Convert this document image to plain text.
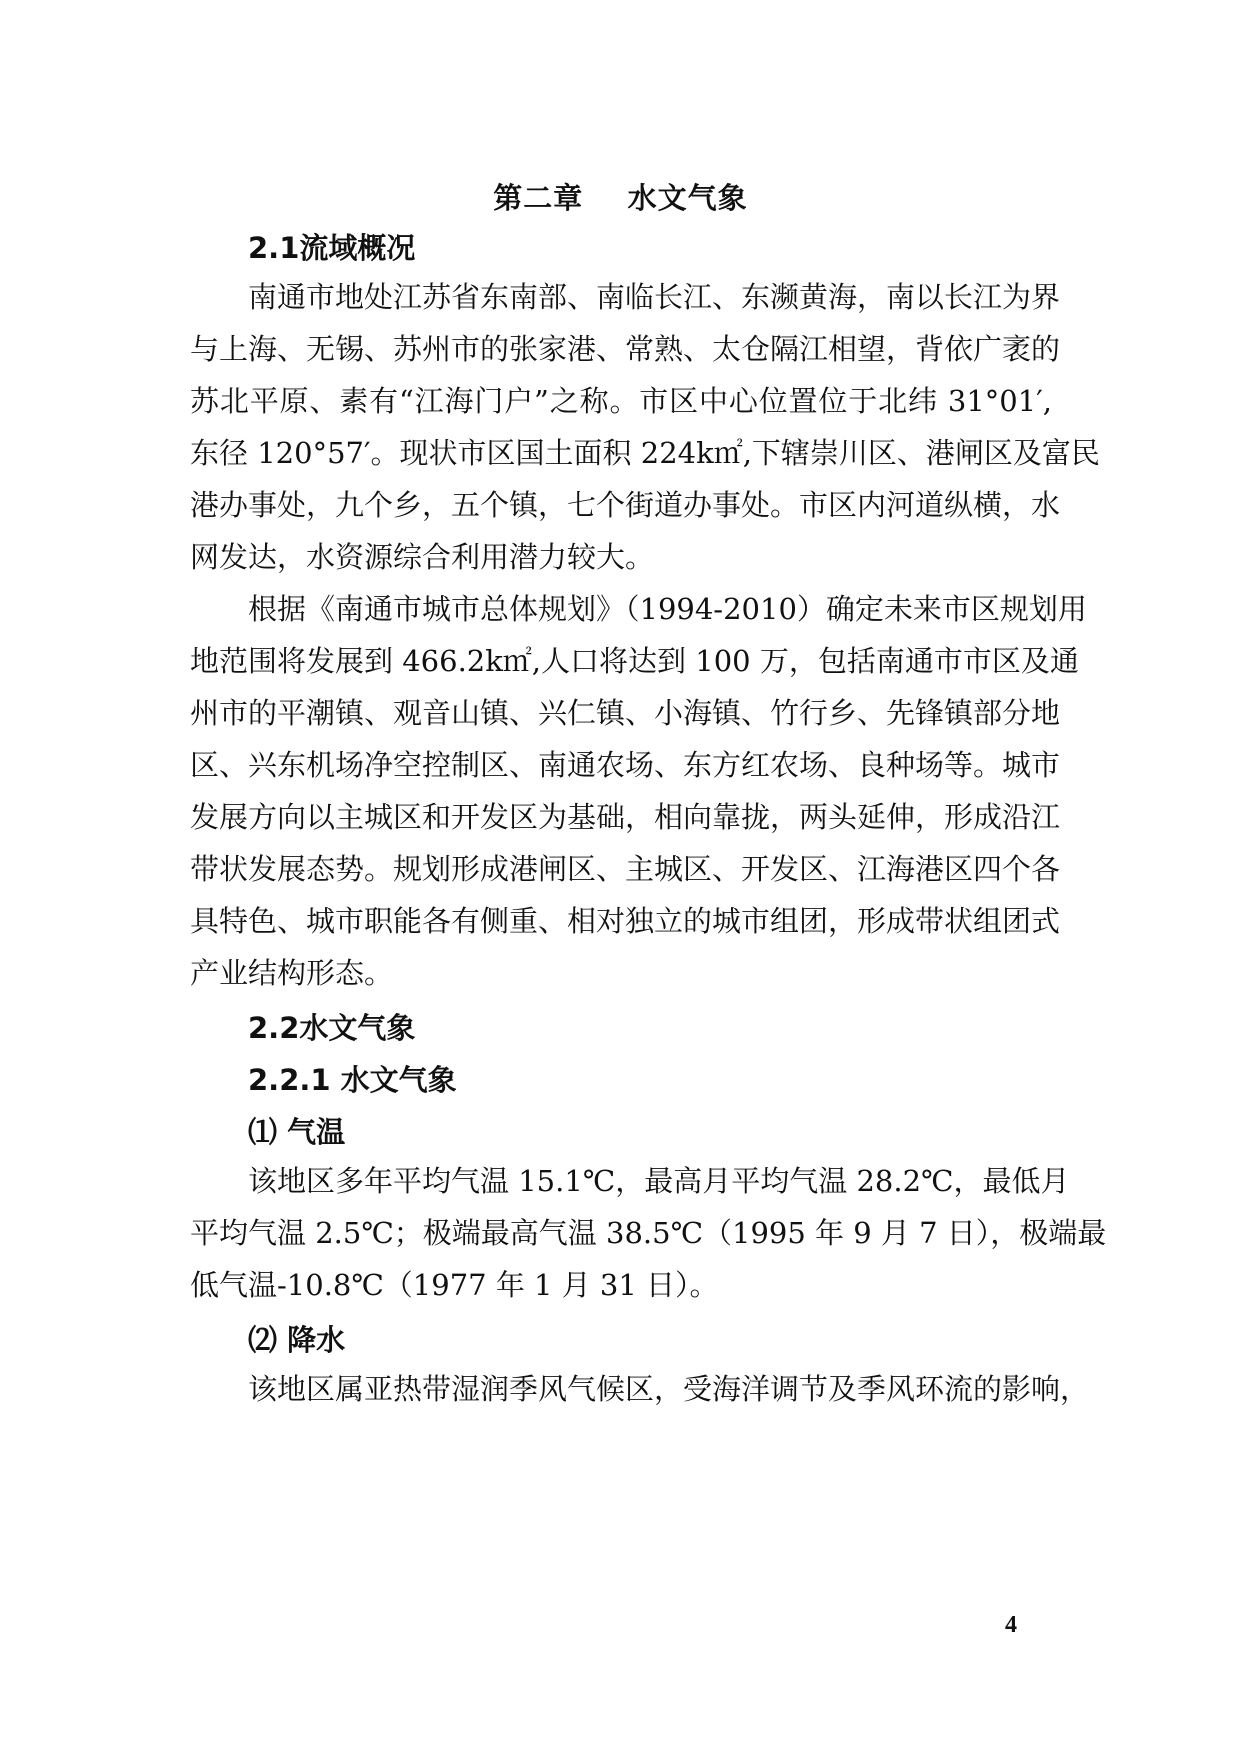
第二章    水文气象
2.1流域概况
南通市地处江苏省东南部、南临长江、东濒黄海，南以长江为界
与上海、无锡、苏州市的张家港、常熟、太仓隔江相望，背依广袤的
苏北平原、素有“江海门户”之称。市区中心位置位于北纬 31°01′,
东径 120°57′。现状市区国土面积 224k㎡,下辖崇川区、港闸区及富民
港办事处，九个乡，五个镇，七个街道办事处。市区内河道纵横，水
网发达，水资源综合利用潜力较大。
根据《南通市城市总体规划》（1994-2010）确定未来市区规划用
地范围将发展到 466.2k㎡,人口将达到 100 万，包括南通市市区及通
州市的平潮镇、观音山镇、兴仁镇、小海镇、竹行乡、先锋镇部分地
区、兴东机场净空控制区、南通农场、东方红农场、良种场等。城市
发展方向以主城区和开发区为基础，相向靠拢，两头延伸，形成沿江
带状发展态势。规划形成港闸区、主城区、开发区、江海港区四个各
具特色、城市职能各有侧重、相对独立的城市组团，形成带状组团式
产业结构形态。
2.2水文气象
2.2.1 水文气象
⑴ 气温
该地区多年平均气温 15.1℃，最高月平均气温 28.2℃，最低月
平均气温 2.5℃；极端最高气温 38.5℃（1995 年 9 月 7 日），极端最
低气温-10.8℃（1977 年 1 月 31 日）。
⑵ 降水
该地区属亚热带湿润季风气候区，受海洋调节及季风环流的影响，
4
